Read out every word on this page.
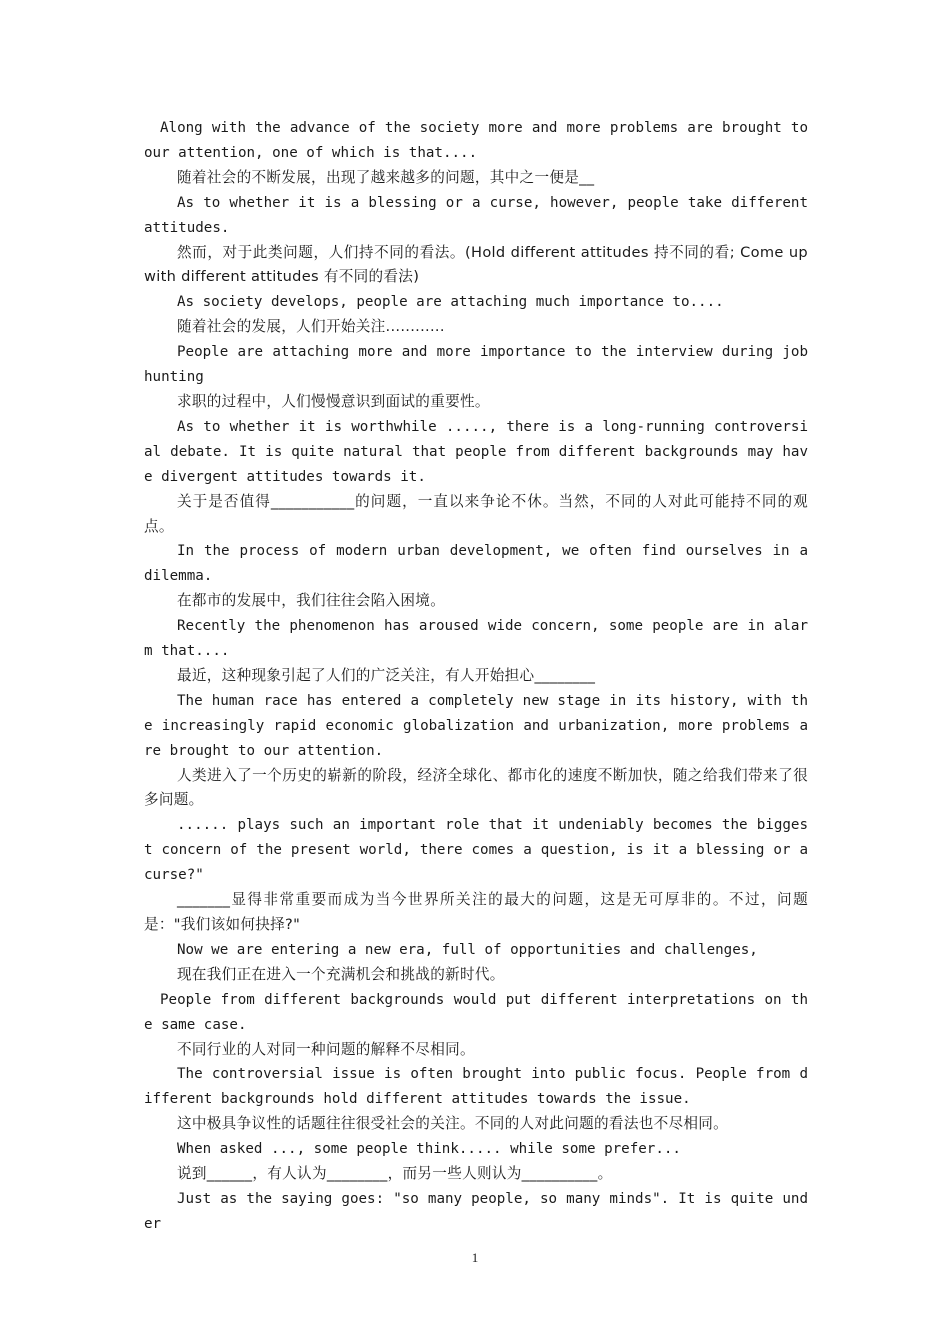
Along with the advance of the society more and more problems are brought to our attention, one of which is that....

随着社会的不断发展，出现了越来越多的问题，其中之一便是__

As to whether it is a blessing or a curse, however, people take different attitudes.

然而，对于此类问题，人们持不同的看法。(Hold different attitudes 持不同的看; Come up with different attitudes 有不同的看法)

As society develops, people are attaching much importance to....

随着社会的发展，人们开始关注............

People are attaching more and more importance to the interview during job hunting

求职的过程中，人们慢慢意识到面试的重要性。

As to whether it is worthwhile ....., there is a long-running controversial debate. It is quite natural that people from different backgrounds may have divergent attitudes towards it.

关于是否值得___________的问题，一直以来争论不休。当然，不同的人对此可能持不同的观点。

In the process of modern urban development, we often find ourselves in a dilemma.

在都市的发展中，我们往往会陷入困境。

Recently the phenomenon has aroused wide concern, some people are in alarm that....

最近，这种现象引起了人们的广泛关注，有人开始担心________

The human race has entered a completely new stage in its history, with the increasingly rapid economic globalization and urbanization, more problems are brought to our attention.

人类进入了一个历史的崭新的阶段，经济全球化、都市化的速度不断加快，随之给我们带来了很多问题。

...... plays such an important role that it undeniably becomes the biggest concern of the present world, there comes a question, is it a blessing or a curse?"

_______显得非常重要而成为当今世界所关注的最大的问题，这是无可厚非的。不过，问题是："我们该如何抉择?"

Now we are entering a new era, full of opportunities and challenges,

现在我们正在进入一个充满机会和挑战的新时代。

People from different backgrounds would put different interpretations on the same case.

不同行业的人对同一种问题的解释不尽相同。

The controversial issue is often brought into public focus. People from different backgrounds hold different attitudes towards the issue.

这中极具争议性的话题往往很受社会的关注。不同的人对此问题的看法也不尽相同。

When asked ..., some people think..... while some prefer...

说到______，有人认为________，而另一些人则认为__________。

Just as the saying goes: "so many people, so many minds". It is quite under

1
